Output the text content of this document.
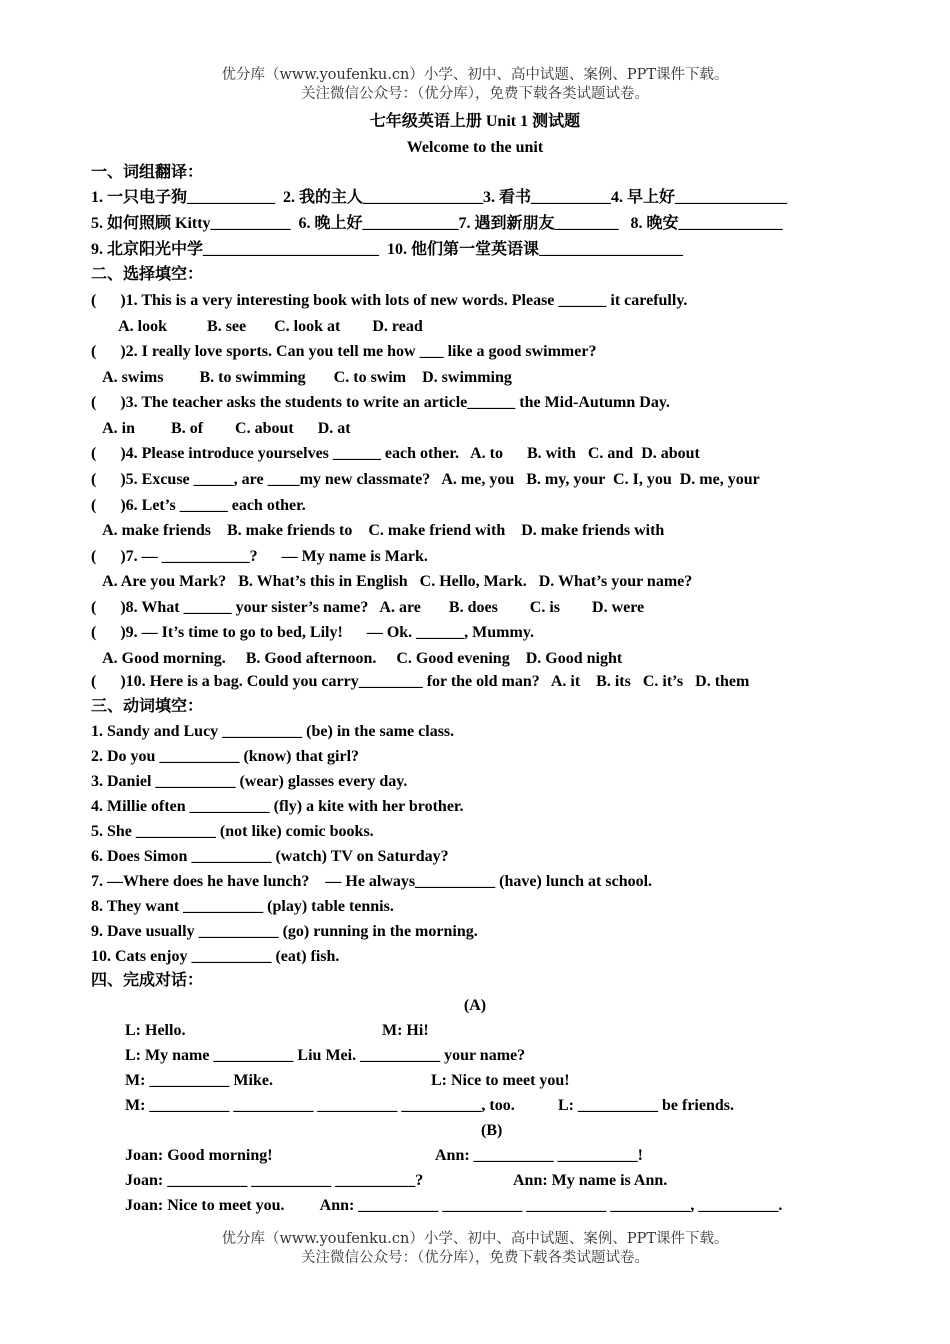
优分库（www.youfenku.cn）小学、初中、高中试题、案例、PPT课件下载。
关注微信公众号：（优分库），免费下载各类试题试卷。
七年级英语上册 Unit 1 测试题
Welcome to the unit
一、词组翻译：
1. 一只电子狗___________  2. 我的主人_______________3. 看书__________4. 早上好______________
5. 如何照顾 Kitty__________  6. 晚上好____________7. 遇到新朋友________   8. 晚安_____________
9. 北京阳光中学______________________  10. 他们第一堂英语课__________________
二、选择填空：
(      )1. This is a very interesting book with lots of new words. Please ______ it carefully.
A. look          B. see       C. look at        D. read
(      )2. I really love sports. Can you tell me how ___ like a good swimmer?
A. swims         B. to swimming       C. to swim    D. swimming
(      )3. The teacher asks the students to write an article______ the Mid-Autumn Day.
A. in         B. of        C. about      D. at
(      )4. Please introduce yourselves ______ each other.   A. to      B. with   C. and  D. about
(      )5. Excuse _____, are ____my new classmate?   A. me, you   B. my, your  C. I, you  D. me, your
(      )6. Let’s ______ each other.
A. make friends    B. make friends to    C. make friend with    D. make friends with
(      )7. — ___________?      — My name is Mark.
A. Are you Mark?   B. What’s this in English   C. Hello, Mark.   D. What’s your name?
(      )8. What ______ your sister’s name?   A. are       B. does        C. is        D. were
(      )9. — It’s time to go to bed, Lily!      — Ok. ______, Mummy.
A. Good morning.     B. Good afternoon.     C. Good evening    D. Good night
(      )10. Here is a bag. Could you carry________ for the old man?   A. it    B. its   C. it’s   D. them
三、动词填空：
1. Sandy and Lucy __________ (be) in the same class.
2. Do you __________ (know) that girl?
3. Daniel __________ (wear) glasses every day.
4. Millie often __________ (fly) a kite with her brother.
5. She __________ (not like) comic books.
6. Does Simon __________ (watch) TV on Saturday?
7. —Where does he have lunch?    — He always__________ (have) lunch at school.
8. They want __________ (play) table tennis.
9. Dave usually __________ (go) running in the morning.
10. Cats enjoy __________ (eat) fish.
四、完成对话：
(A)
L: Hello.	M: Hi!
L: My name __________ Liu Mei. __________ your name?
M: __________ Mike.	L: Nice to meet you!
M: __________ __________ __________ __________, too.	L: __________ be friends.
(B)
Joan: Good morning!	Ann: __________ __________!
Joan: __________ __________ __________?	Ann: My name is Ann.
Joan: Nice to meet you.         Ann: __________ __________ __________ __________, __________.
优分库（www.youfenku.cn）小学、初中、高中试题、案例、PPT课件下载。
关注微信公众号：（优分库），免费下载各类试题试卷。
